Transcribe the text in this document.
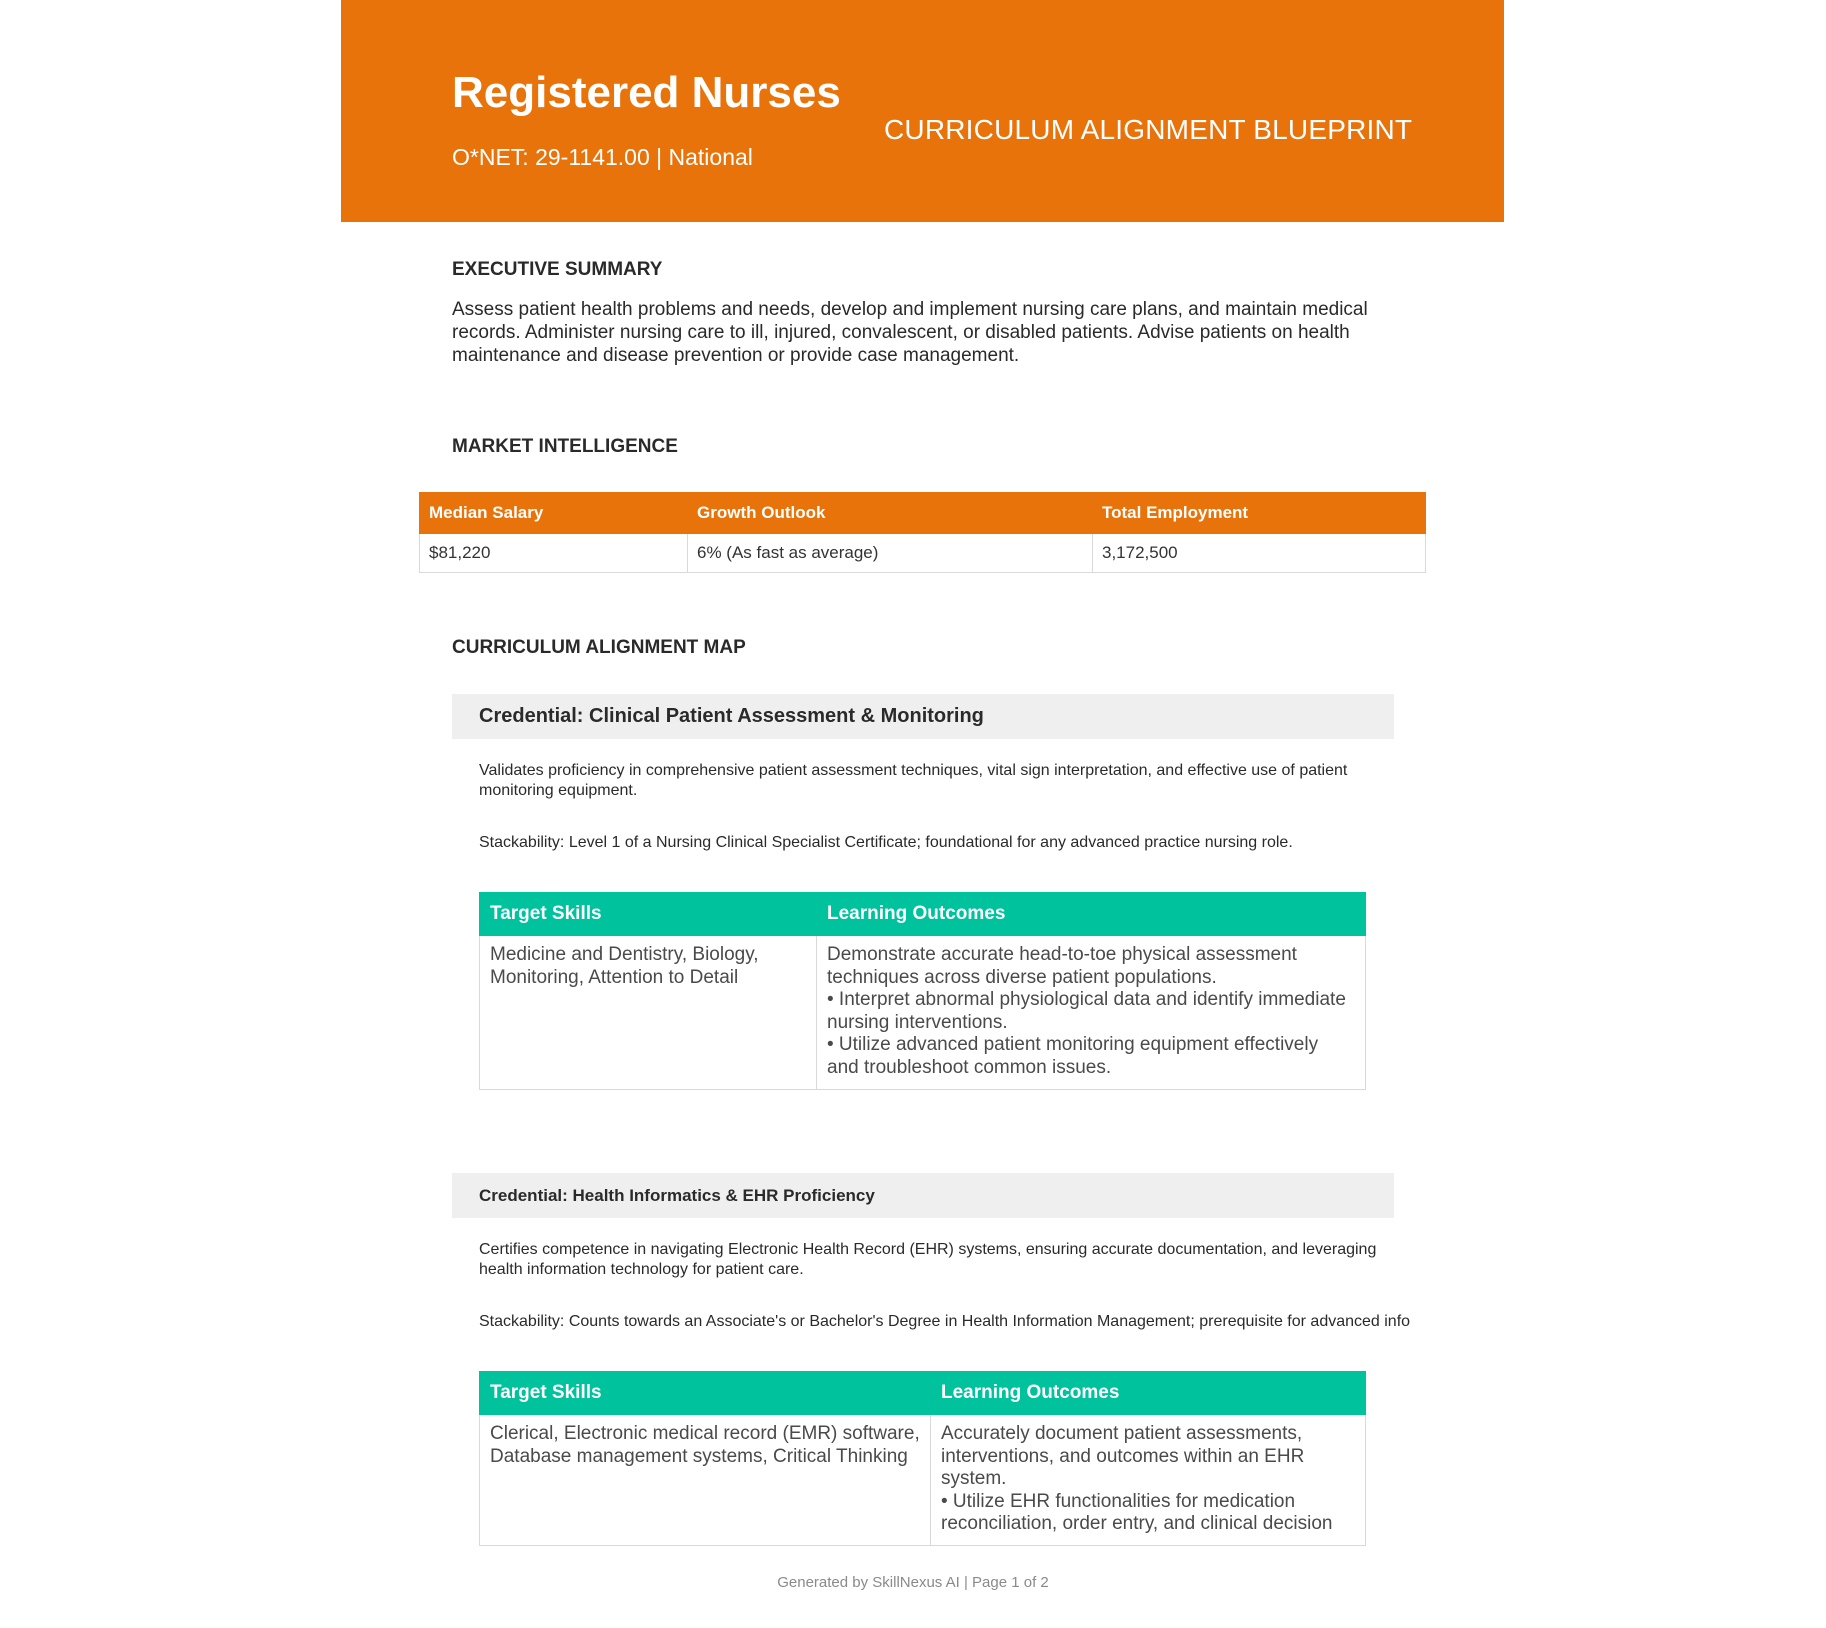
Registered Nurses
O*NET: 29-1141.00 | National
CURRICULUM ALIGNMENT BLUEPRINT
EXECUTIVE SUMMARY
Assess patient health problems and needs, develop and implement nursing care plans, and maintain medical records. Administer nursing care to ill, injured, convalescent, or disabled patients. Advise patients on health maintenance and disease prevention or provide case management.
MARKET INTELLIGENCE
Median Salary	Growth Outlook	Total Employment
$81,220	6% (As fast as average)	3,172,500
CURRICULUM ALIGNMENT MAP
Credential: Clinical Patient Assessment & Monitoring
Validates proficiency in comprehensive patient assessment techniques, vital sign interpretation, and effective use of patient monitoring equipment.
Stackability: Level 1 of a Nursing Clinical Specialist Certificate; foundational for any advanced practice nursing role.
Target Skills	Learning Outcomes
Medicine and Dentistry, Biology, Monitoring, Attention to Detail	Demonstrate accurate head-to-toe physical assessment techniques across diverse patient populations.
• Interpret abnormal physiological data and identify immediate nursing interventions.
• Utilize advanced patient monitoring equipment effectively and troubleshoot common issues.
Credential: Health Informatics & EHR Proficiency
Certifies competence in navigating Electronic Health Record (EHR) systems, ensuring accurate documentation, and leveraging health information technology for patient care.
Stackability: Counts towards an Associate's or Bachelor's Degree in Health Information Management; prerequisite for advanced info
Target Skills	Learning Outcomes
Clerical, Electronic medical record (EMR) software, Database management systems, Critical Thinking	Accurately document patient assessments, interventions, and outcomes within an EHR system.
• Utilize EHR functionalities for medication reconciliation, order entry, and clinical decision
Generated by SkillNexus AI | Page 1 of 2
